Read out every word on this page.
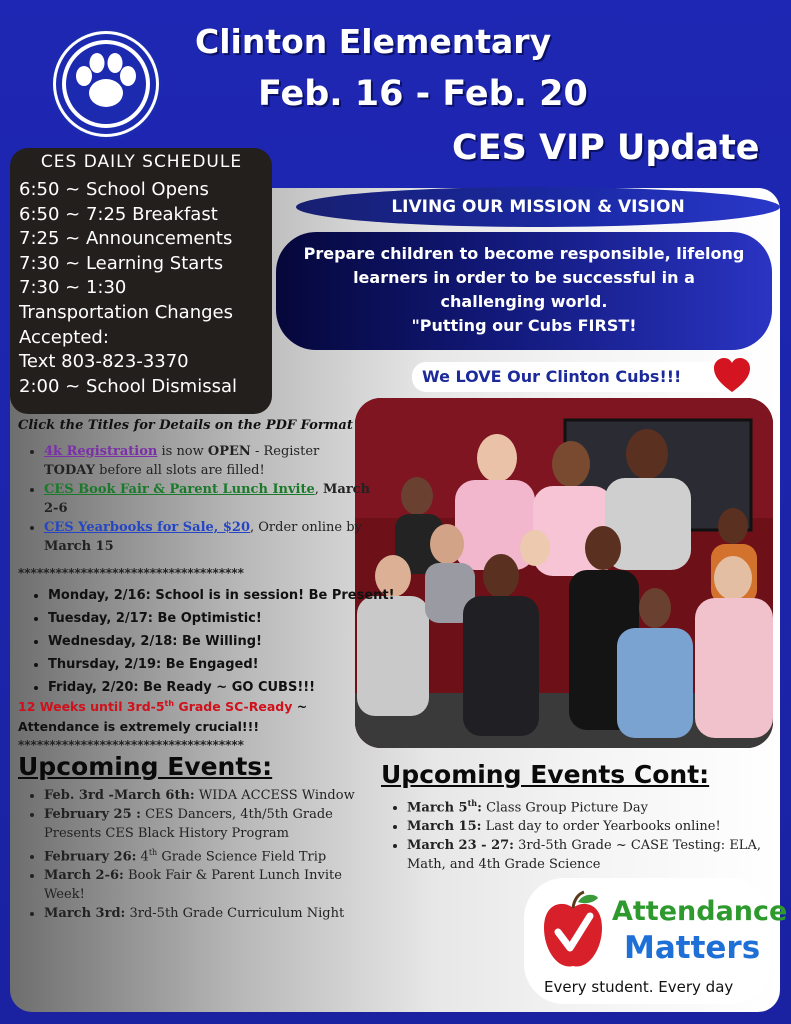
Clinton Elementary
Feb. 16 - Feb. 20
CES VIP Update
CES DAILY SCHEDULE
6:50 ~ School Opens
6:50 ~ 7:25 Breakfast
7:25 ~ Announcements
7:30 ~ Learning Starts
7:30 ~ 1:30
Transportation Changes
Accepted:
Text 803-823-3370
2:00 ~ School Dismissal
LIVING OUR MISSION & VISION
Prepare children to become responsible, lifelong
learners in order to be successful in a
challenging world.
"Putting our Cubs FIRST!
We LOVE Our Clinton Cubs!!!
Click the Titles for Details on the PDF Format
• 4k Registration is now OPEN - Register TODAY before all slots are filled!
• CES Book Fair & Parent Lunch Invite, March 2-6
• CES Yearbooks for Sale, $20, Order online by March 15
************************************
• Monday, 2/16: School is in session! Be Present!
• Tuesday, 2/17: Be Optimistic!
• Wednesday, 2/18: Be Willing!
• Thursday, 2/19: Be Engaged!
• Friday, 2/20: Be Ready ~ GO CUBS!!!
12 Weeks until 3rd-5th Grade SC-Ready ~ Attendance is extremely crucial!!!
************************************
Upcoming Events:
• Feb. 3rd -March 6th: WIDA ACCESS Window
• February 25 : CES Dancers, 4th/5th Grade Presents CES Black History Program
• February 26: 4th Grade Science Field Trip
• March 2-6: Book Fair & Parent Lunch Invite Week!
• March 3rd: 3rd-5th Grade Curriculum Night
Upcoming Events Cont:
• March 5th: Class Group Picture Day
• March 15: Last day to order Yearbooks online!
• March 23 - 27: 3rd-5th Grade ~ CASE Testing: ELA, Math, and 4th Grade Science
Attendance
Matters
Every student. Every day
